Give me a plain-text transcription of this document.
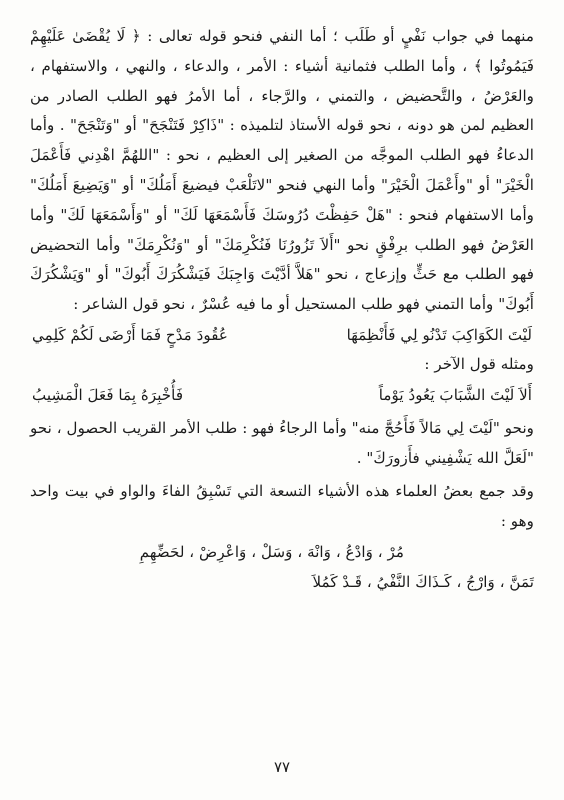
منهما في جواب نَفْيٍ أو طَلَب ؛ أما النفي فنحو قوله تعالى : ﴿ لَا يُقْضَىٰ عَلَيْهِمْ فَيَمُوتُوا ﴾ ، وأما الطلب فثمانية أشياء : الأمر ، والدعاء ، والنهي ، والاستفهام ، والعَرْضُ ، والتَّحضيض ، والتمني ، والرَّجاء ، أما الأمرُ فهو الطلب الصادر من العظيم لمن هو دونه ، نحو قوله الأستاذ لتلميذه : "ذَاكِرْ فَتَنْجَحَ" أو "وَتَنْجَحَ" . وأما الدعاءُ فهو الطلب الموجَّه من الصغير إلى العظيم ، نحو : "اللهُمَّ اهْدِني فَأَعْمَلَ الْخَيْرَ" أو "وأَعْمَلَ الْخَيْرَ" وأما النهي فنحو "لاتَلْعَبْ فيضيعَ أَمَلُكَ" أو "وَيَضِيعَ أَمَلُكَ" وأما الاستفهام فنحو : "هَلْ حَفِظْتَ دُرُوسَكَ فَأَسْمَعَهَا لَكَ" أو "وَأَسْمَعَهَا لَكَ" وأما العَرْضُ فهو الطلب برِفْقٍ نحو "أَلاَ تَزُورُنَا فَنُكْرِمَكَ" أو "وَنُكْرِمَكَ" وأما التحضيض فهو الطلب مع حَثٍّ وإزعاج ، نحو "هَلاَّ أدَّيْتَ وَاجِبَكَ فَيَشْكُرَكَ أَبُوكَ" أو "وَيَشْكُرَكَ أَبُوكَ" وأما التمني فهو طلب المستحيل أو ما فيه عُسْرٌ ، نحو قول الشاعر :

لَيْتَ الكَوَاكِبَ تَدْنُو لِي فَأَنْظِمَهَا
عُقُودَ مَدْحٍ فَمَا أَرْضَى لَكُمْ كَلِمِي

ومثله قول الآخر :

أَلاَ لَيْتَ الشَّبَابَ يَعُودُ يَوْماً
فَأُخْبِرَهُ بِمَا فَعَلَ الْمَشِيبُ

ونحو "لَيْتَ لِي مَالاً فَأَحُجَّ منه" وأما الرجاءُ فهو : طلب الأمر القريب الحصول ، نحو "لَعَلَّ الله يَشْفِيني فأَزورَكَ" .

وقد جمع بعضُ العلماء هذه الأشياء التسعة التي تَسْبِقُ الفاءَ والواو في بيت واحد وهو :

مُرْ ، وَادْعُ ، وَانْهَ ، وَسَلْ ، وَاعْرِضْ ، لحَضِّهِمِ
تَمَنَّ ، وَارْجُ ، كَـذَاكَ النَّفْيُ ، قَـدْ كَمُلاَ
٧٧
